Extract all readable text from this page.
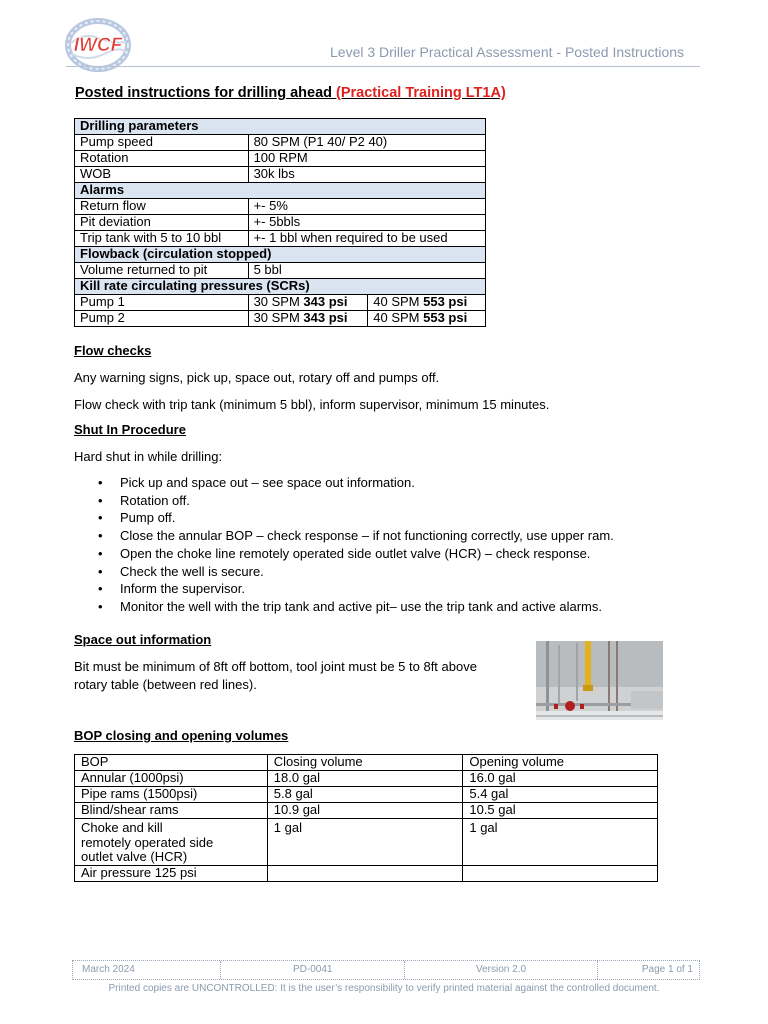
IWCF	Level 3 Driller Practical Assessment - Posted Instructions
Posted instructions for drilling ahead (Practical Training LT1A)
Drilling parameters		
Pump speed	80 SPM (P1 40/ P2 40)	
Rotation	100 RPM	
WOB	30k lbs	
Alarms		
Return flow	+- 5%	
Pit deviation	+- 5bbls	
Trip tank with 5 to 10 bbl	+- 1 bbl when required to be used	
Flowback (circulation stopped)		
Volume returned to pit	5 bbl	
Kill rate circulating pressures (SCRs)		
Pump 1	30 SPM 343 psi	40 SPM 553 psi
Pump 2	30 SPM 343 psi	40 SPM 553 psi
Flow checks
Any warning signs, pick up, space out, rotary off and pumps off.
Flow check with trip tank (minimum 5 bbl), inform supervisor, minimum 15 minutes.
Shut In Procedure
Hard shut in while drilling:
• Pick up and space out – see space out information.
• Rotation off.
• Pump off.
• Close the annular BOP – check response – if not functioning correctly, use upper ram.
• Open the choke line remotely operated side outlet valve (HCR) – check response.
• Check the well is secure.
• Inform the supervisor.
• Monitor the well with the trip tank and active pit– use the trip tank and active alarms.
Space out information
Bit must be minimum of 8ft off bottom, tool joint must be 5 to 8ft above
rotary table (between red lines).
BOP closing and opening volumes
BOP	Closing volume	Opening volume
Annular (1000psi)	18.0 gal	16.0 gal
Pipe rams (1500psi)	5.8 gal	5.4 gal
Blind/shear rams	10.9 gal	10.5 gal

Choke and kill
remotely operated side
outlet valve (HCR)	1 gal	1 gal
Air pressure 125 psi		
March 2024	PD-0041	Version 2.0	Page 1 of 1
Printed copies are UNCONTROLLED: It is the user’s responsibility to verify printed material against the controlled document.
